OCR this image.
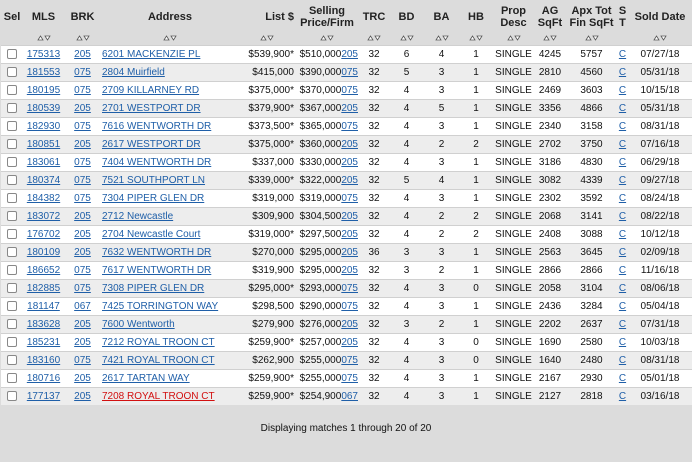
Sel	MLS	BRK	Address	List $	Selling Price/Firm	TRC	BD	BA	HB	Prop Desc	AG SqFt	Apx Tot Fin SqFt	S T	Sold Date

	175313	205	6201 MACKENZIE PL	$539,900*	$510,000205	32	6	4	1	SINGLE	4245	5757	C	07/27/18
	181553	075	2804 Muirfield	$415,000	$390,000075	32	5	3	1	SINGLE	2810	4560	C	05/31/18
	180195	075	2709 KILLARNEY RD	$375,000*	$370,000075	32	4	3	1	SINGLE	2469	3603	C	10/15/18
	180539	205	2701 WESTPORT DR	$379,900*	$367,000205	32	4	5	1	SINGLE	3356	4866	C	05/31/18
	182930	075	7616 WENTWORTH DR	$373,500*	$365,000075	32	4	3	1	SINGLE	2340	3158	C	08/31/18
	180851	205	2617 WESTPORT DR	$375,000*	$360,000205	32	4	2	2	SINGLE	2702	3750	C	07/16/18
	183061	075	7404 WENTWORTH DR	$337,000	$330,000205	32	4	3	1	SINGLE	3186	4830	C	06/29/18
	180374	075	7521 SOUTHPORT LN	$339,000*	$322,000205	32	5	4	1	SINGLE	3082	4339	C	09/27/18
	184382	075	7304 PIPER GLEN DR	$319,000	$319,000075	32	4	3	1	SINGLE	2302	3592	C	08/24/18
	183072	205	2712 Newcastle	$309,900	$304,500205	32	4	2	2	SINGLE	2068	3141	C	08/22/18
	176702	205	2704 Newcastle Court	$319,000*	$297,500205	32	4	2	2	SINGLE	2408	3088	C	10/12/18
	180109	205	7632 WENTWORTH DR	$270,000	$295,000205	36	3	3	1	SINGLE	2563	3645	C	02/09/18
	186652	075	7617 WENTWORTH DR	$319,900	$295,000205	32	3	2	1	SINGLE	2866	2866	C	11/16/18
	182885	075	7308 PIPER GLEN DR	$295,000*	$293,000075	32	4	3	0	SINGLE	2058	3104	C	08/06/18
	181147	067	7425 TORRINGTON WAY	$298,500	$290,000075	32	4	3	1	SINGLE	2436	3284	C	05/04/18
	183628	205	7600 Wentworth	$279,900	$276,000205	32	3	2	1	SINGLE	2202	2637	C	07/31/18
	185231	205	7212 ROYAL TROON CT	$259,900*	$257,000205	32	4	3	0	SINGLE	1690	2580	C	10/03/18
	183160	075	7421 ROYAL TROON CT	$262,900	$255,000075	32	4	3	0	SINGLE	1640	2480	C	08/31/18
	180716	205	2617 TARTAN WAY	$259,900*	$255,000075	32	4	3	1	SINGLE	2167	2930	C	05/01/18
	177137	205	7208 ROYAL TROON CT	$259,900*	$254,900067	32	4	3	1	SINGLE	2127	2818	C	03/16/18
Displaying matches 1 through 20 of 20
